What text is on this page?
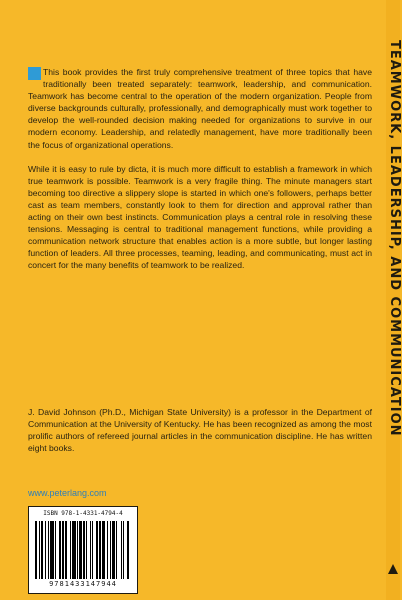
This book provides the first truly comprehensive treatment of three topics that have traditionally been treated separately: teamwork, leadership, and communication. Teamwork has become central to the operation of the modern organization. People from diverse backgrounds culturally, professionally, and demographically must work together to develop the well-rounded decision making needed for organizations to survive in our modern economy. Leadership, and relatedly management, have more traditionally been the focus of organizational operations.

While it is easy to rule by dicta, it is much more difficult to establish a framework in which true teamwork is possible. Teamwork is a very fragile thing. The minute managers start becoming too directive a slippery slope is started in which one's followers, perhaps better cast as team members, constantly look to them for direction and approval rather than acting on their own best instincts. Communication plays a central role in resolving these tensions. Messaging is central to traditional management functions, while providing a communication network structure that enables action is a more subtle, but longer lasting function of leaders. All three processes, teaming, leading, and communicating, must act in concert for the many benefits of teamwork to be realized.

J. David Johnson (Ph.D., Michigan State University) is a professor in the Department of Communication at the University of Kentucky. He has been recognized as among the most prolific authors of refereed journal articles in the communication discipline. He has written eight books.
www.peterlang.com
ISBN 978-1-4331-4794-4
9781433147944
TEAMWORK, LEADERSHIP, AND COMMUNICATION
